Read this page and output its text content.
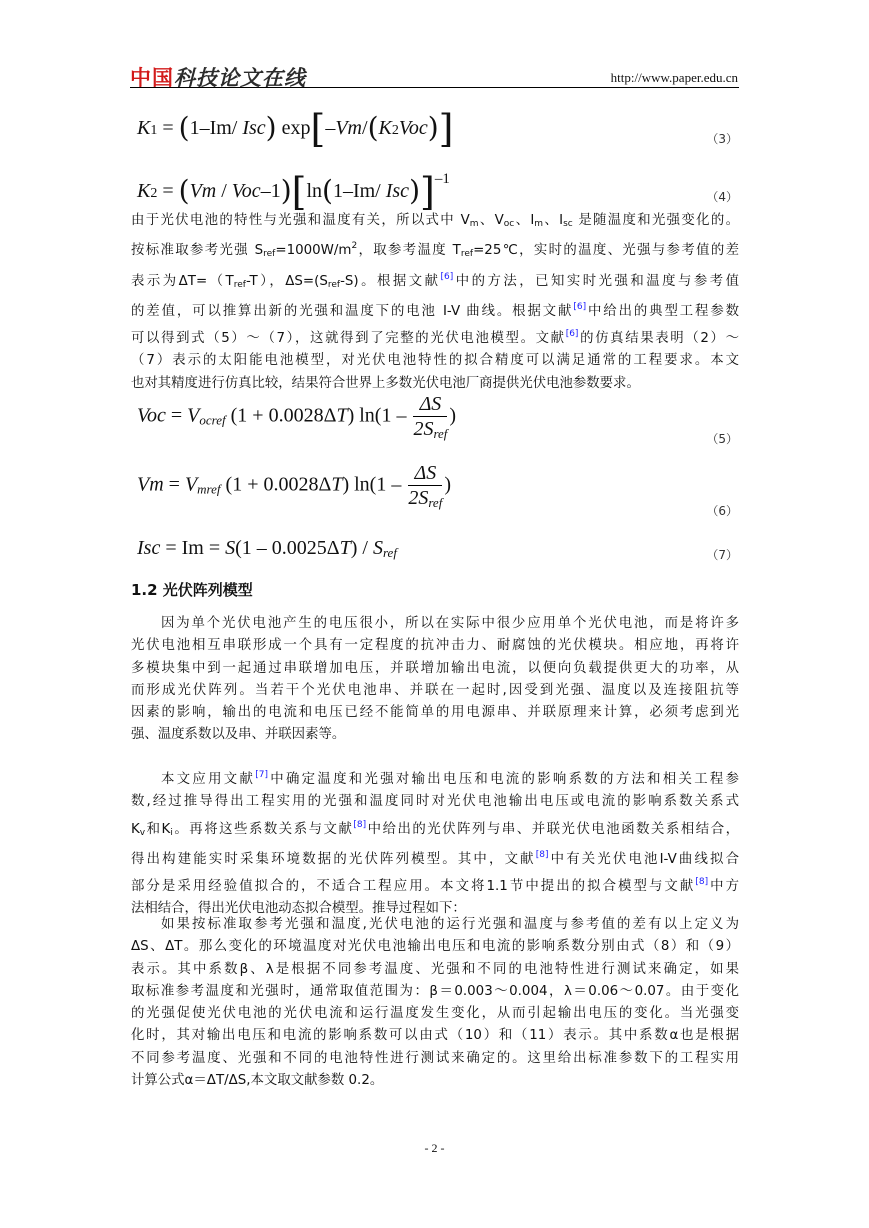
中国科技论文在线	http://www.paper.edu.cn
K1 = (1–Im/ Isc) exp[–Vm/(K2Voc)]	（3）
K2 = (Vm / Voc–1)[ln(1–Im/ Isc)]$^{-1}$
（4）
由于光伏电池的特性与光强和温度有关，所以式中 $V_m$、$V_{oc}$、$I_m$、$I_{sc}$ 是随温度和光强变化的。
按标准取参考光强 $S_{ref}=1000W/m^2$，取参考温度 $T_{ref}=25℃$，实时的温度、光强与参考值的差
表示为$\Delta T=(T_{ref}-T)$，$\Delta S=(S_{ref}-S)$。根据文献[6]中的方法，已知实时光强和温度与参考值
的差值，可以推算出新的光强和温度下的电池 I-V 曲线。根据文献[6]中给出的典型工程参数
可以得到式（5）～（7），这就得到了完整的光伏电池模型。文献[6]的仿真结果表明（2）～
（7）表示的太阳能电池模型，对光伏电池特性的拟合精度可以满足通常的工程要求。本文
也对其精度进行仿真比较，结果符合世界上多数光伏电池厂商提供光伏电池参数要求。
Voc = $V_{ocref}$ (1 + 0.0028ΔT) $\ln(1 - \frac{\Delta S}{2S_{ref}}$ )
（5）
$Vm = V_{mref}$ (1 + 0.0028ΔT) $\ln(1 - \frac{\Delta S}{2S_{ref}}$ )
（6）
Isc = $Im = S(1 - 0.0025\Delta T) / S_{ref}$	（7）
1.2 光伏阵列模型
因为单个光伏电池产生的电压很小，所以在实际中很少应用单个光伏电池，而是将许多
光伏电池相互串联形成一个具有一定程度的抗冲击力、耐腐蚀的光伏模块。相应地，再将许
多模块集中到一起通过串联增加电压，并联增加输出电流，以便向负载提供更大的功率，从
而形成光伏阵列。当若干个光伏电池串、并联在一起时,因受到光强、温度以及连接阻抗等
因素的影响，输出的电流和电压已经不能简单的用电源串、并联原理来计算，必须考虑到光
强、温度系数以及串、并联因素等。
本文应用文献[7]中确定温度和光强对输出电压和电流的影响系数的方法和相关工程参
数,经过推导得出工程实用的光强和温度同时对光伏电池输出电压或电流的影响系数关系式
$K_v$和$K_i$。再将这些系数关系与文献[8]中给出的光伏阵列与串、并联光伏电池函数关系相结合，
得出构建能实时采集环境数据的光伏阵列模型。其中，文献[8]中有关光伏电池I-V曲线拟合
部分是采用经验值拟合的，不适合工程应用。本文将1.1节中提出的拟合模型与文献[8]中方
法相结合，得出光伏电池动态拟合模型。推导过程如下：
如果按标准取参考光强和温度,光伏电池的运行光强和温度与参考值的差有以上定义为
ΔS、ΔT。那么变化的环境温度对光伏电池输出电压和电流的影响系数分别由式（8）和（9）
表示。其中系数β、λ是根据不同参考温度、光强和不同的电池特性进行测试来确定，如果
取标准参考温度和光强时，通常取值范围为：β＝0.003～0.004，λ＝0.06～0.07。由于变化
的光强促使光伏电池的光伏电流和运行温度发生变化，从而引起输出电压的变化。当光强变
化时，其对输出电压和电流的影响系数可以由式（10）和（11）表示。其中系数α也是根据
不同参考温度、光强和不同的电池特性进行测试来确定的。这里给出标准参数下的工程实用
计算公式α＝ΔT/ΔS,本文取文献参数 0.2。
- 2 -
